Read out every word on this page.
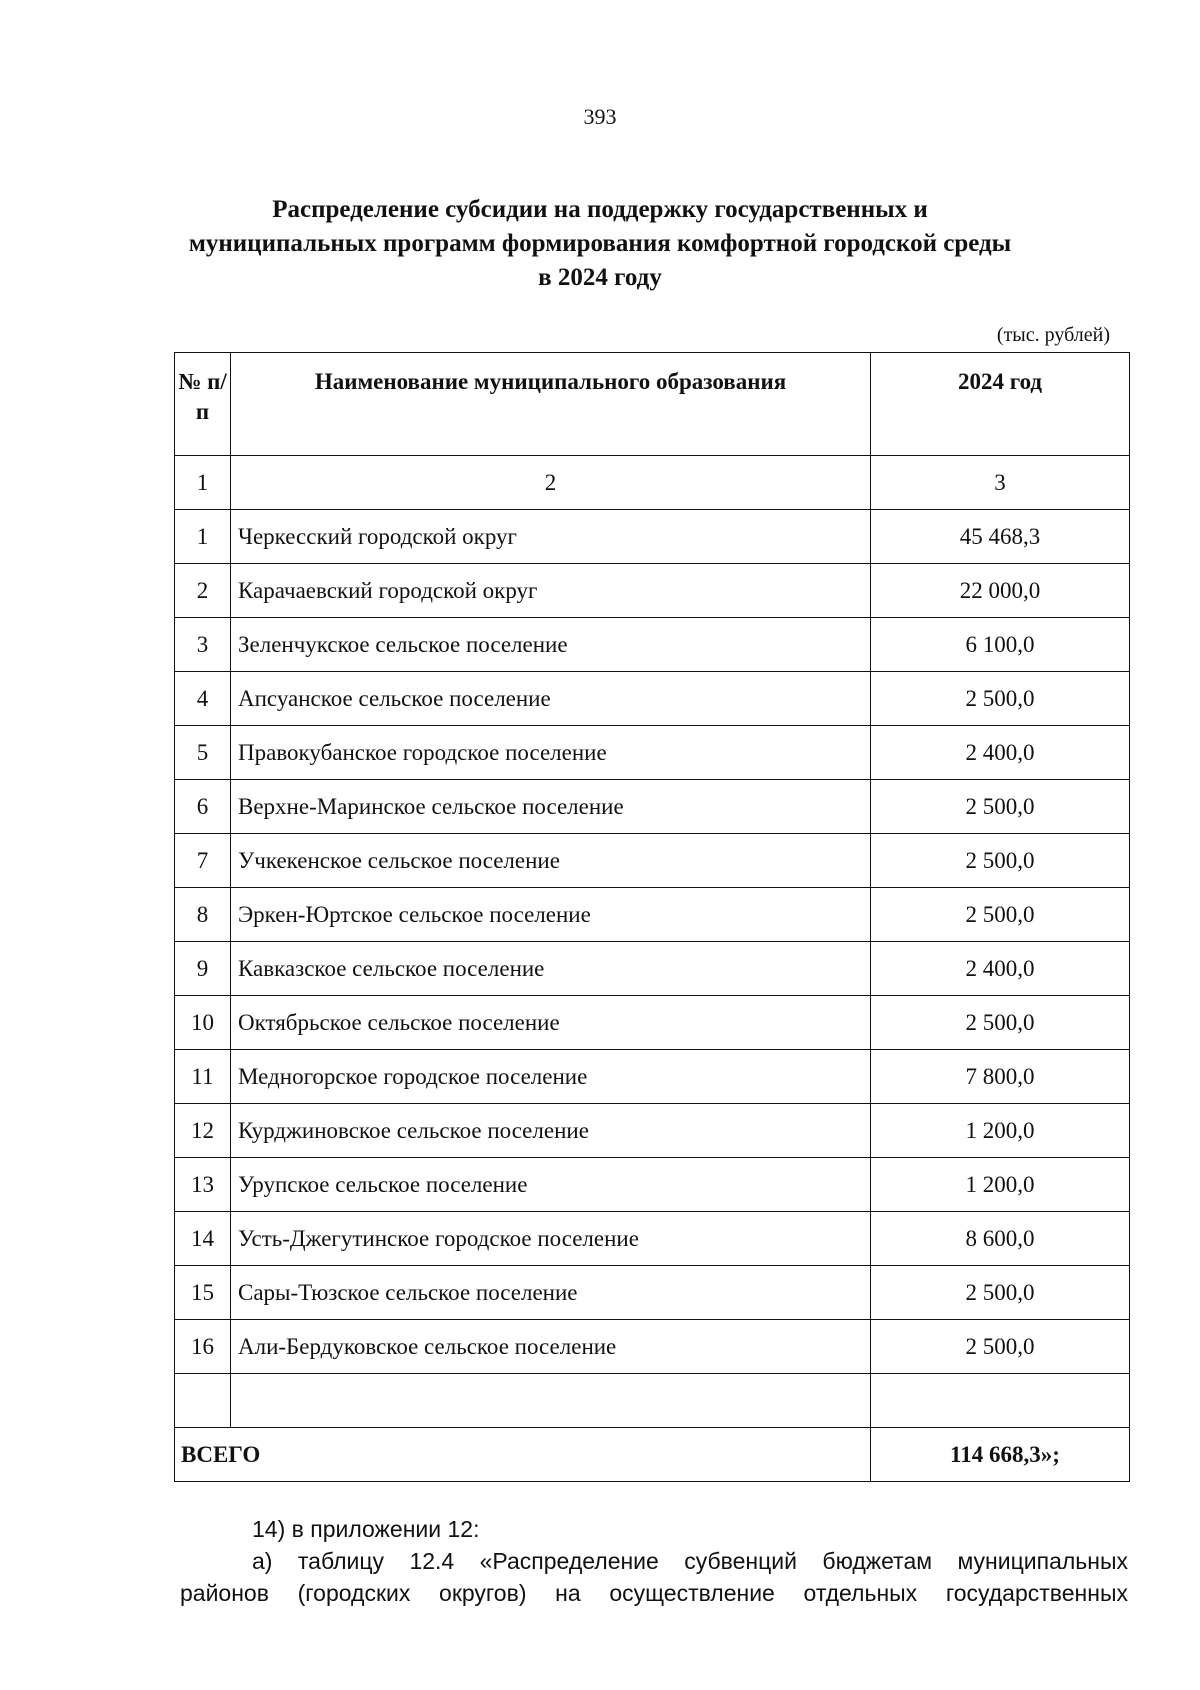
393
Распределение субсидии на поддержку государственных и
муниципальных программ формирования комфортной городской среды
в 2024 году
(тыс. рублей)
№ п/п	Наименование муниципального образования	2024 год
1	2	3
1	Черкесский городской округ	45 468,3
2	Карачаевский городской округ	22 000,0
3	Зеленчукское сельское поселение	6 100,0
4	Апсуанское сельское поселение	2 500,0
5	Правокубанское городское поселение	2 400,0
6	Верхне-Маринское сельское поселение	2 500,0
7	Учкекенское сельское поселение	2 500,0
8	Эркен-Юртское сельское поселение	2 500,0
9	Кавказское сельское поселение	2 400,0
10	Октябрьское сельское поселение	2 500,0
11	Медногорское городское поселение	7 800,0
12	Курджиновское сельское поселение	1 200,0
13	Урупское сельское поселение	1 200,0
14	Усть-Джегутинское городское поселение	8 600,0
15	Сары-Тюзское сельское поселение	2 500,0
16	Али-Бердуковское сельское поселение	2 500,0

ВСЕГО		114 668,3»;
14) в приложении 12:
а) таблицу 12.4 «Распределение субвенций бюджетам муниципальных
районов (городских округов) на осуществление отдельных государственных
